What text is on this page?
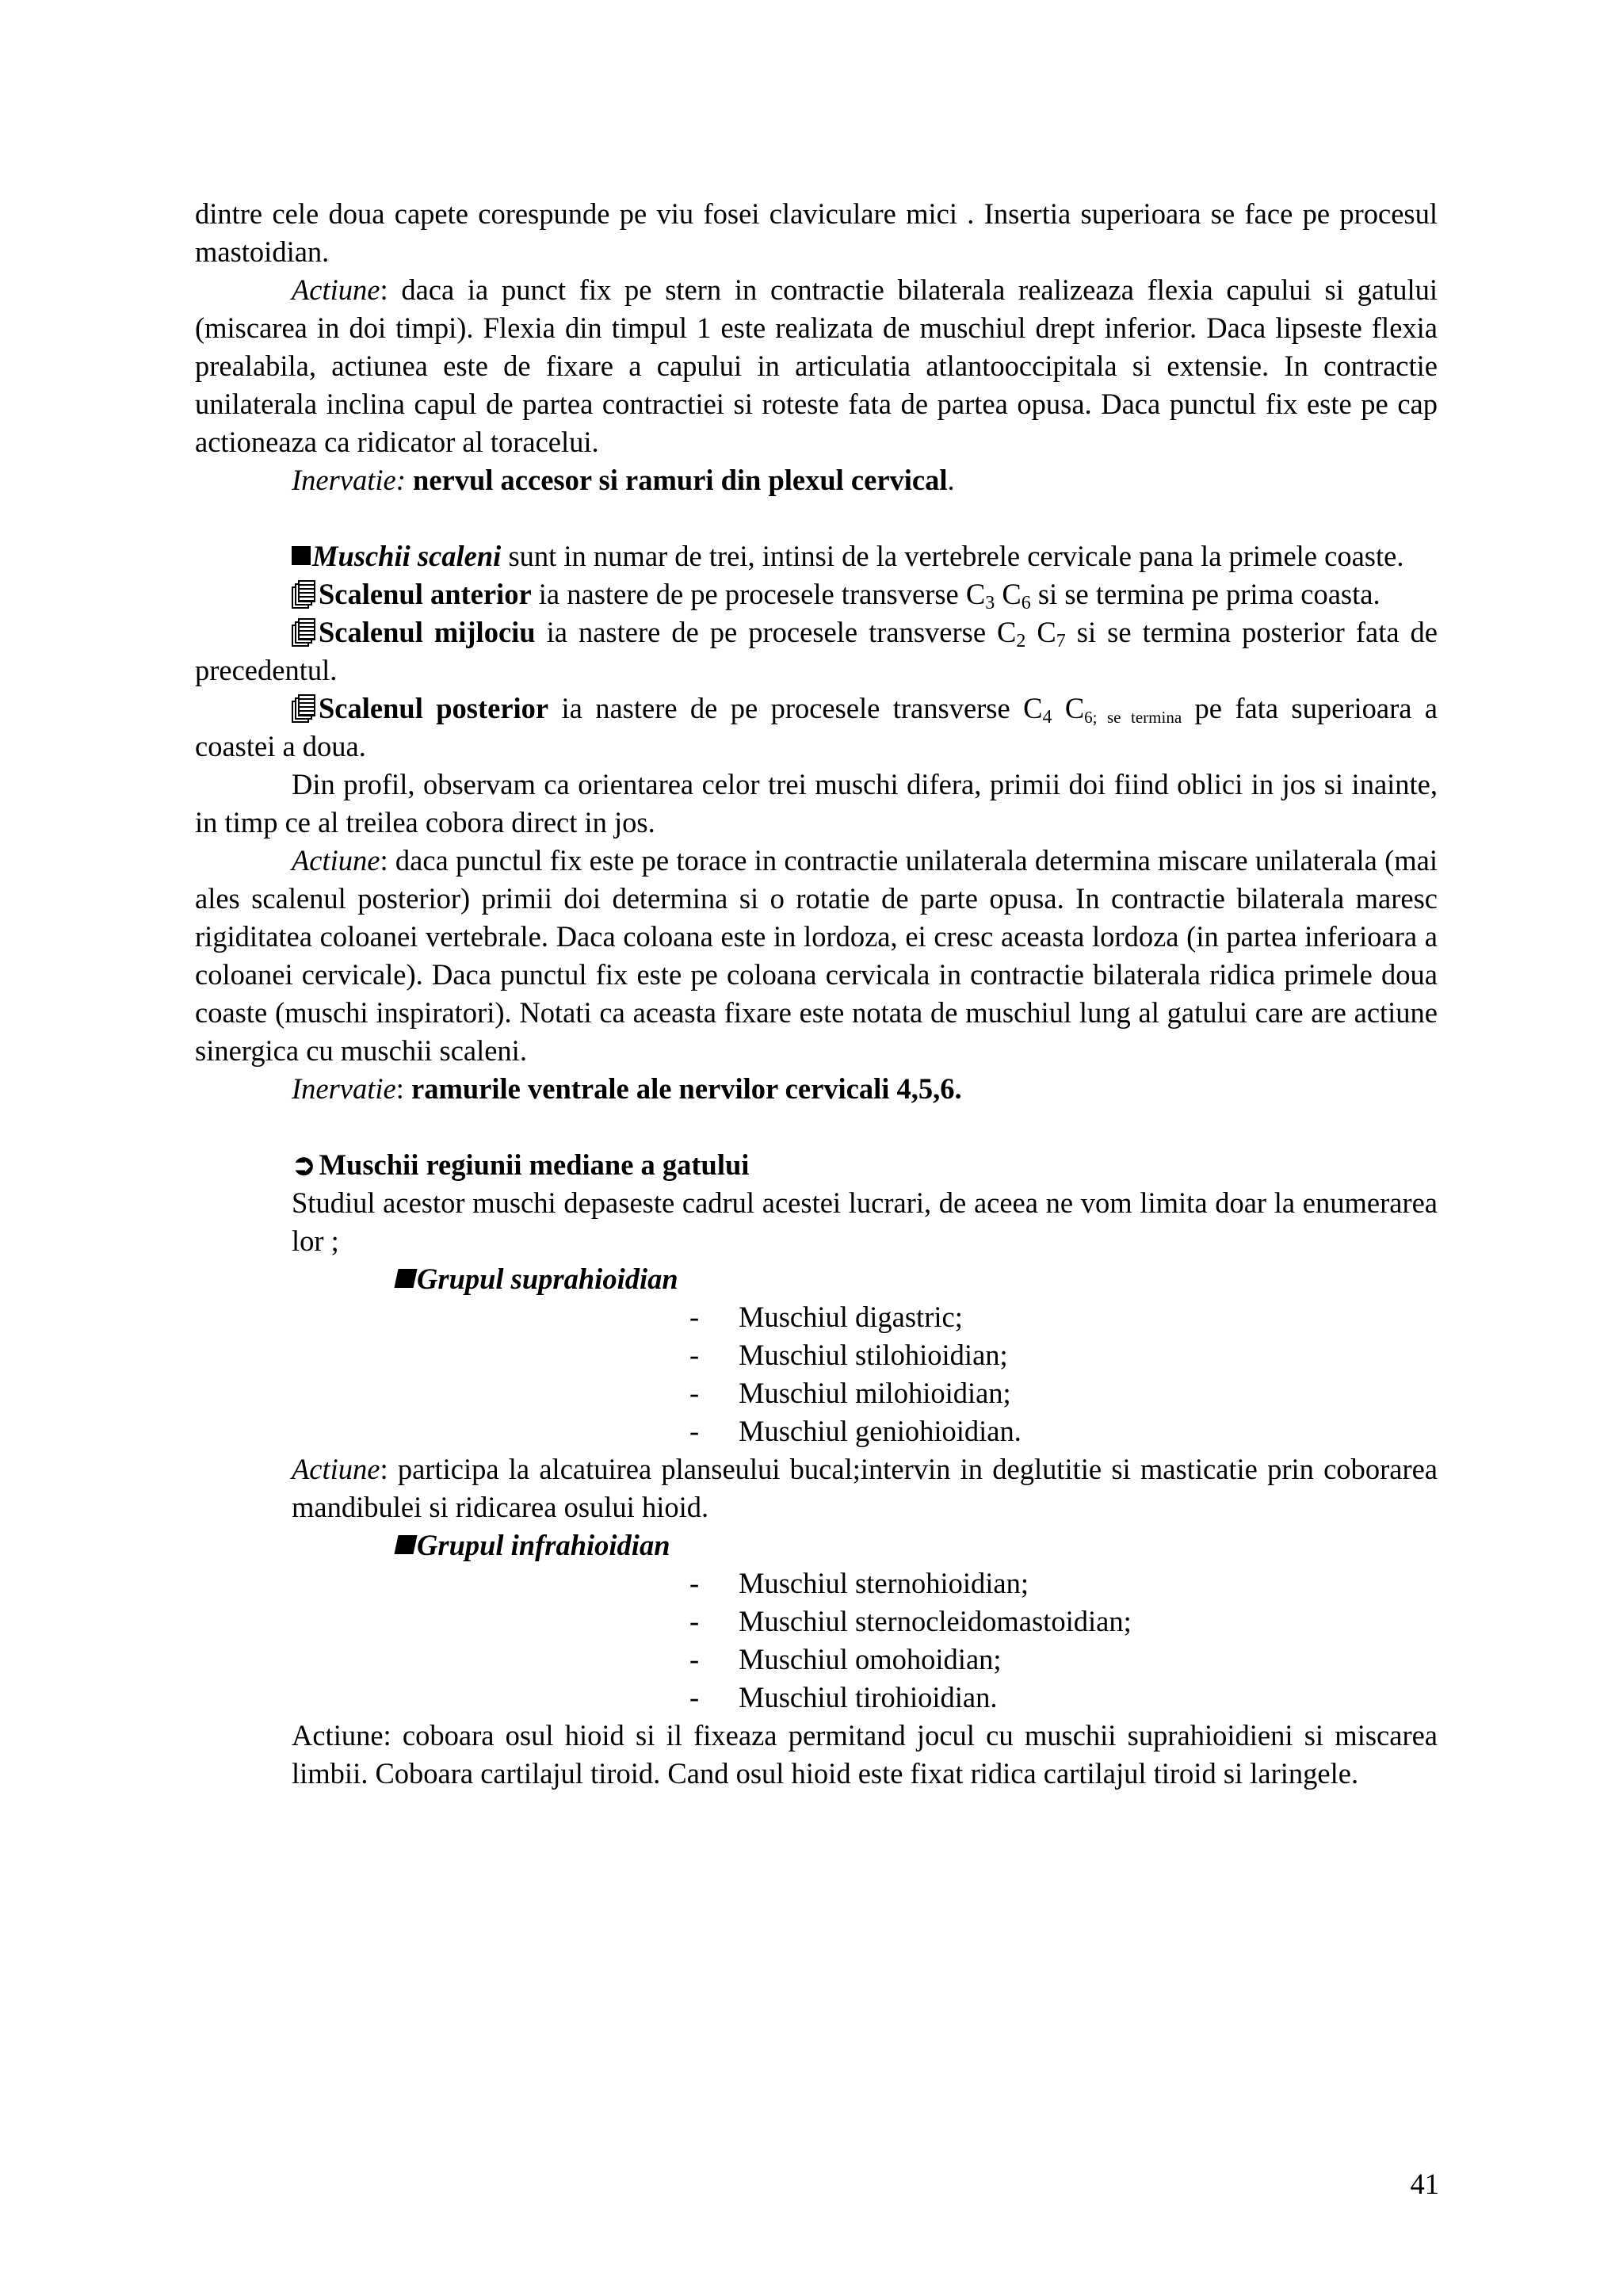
dintre cele doua capete corespunde pe viu fosei claviculare mici . Insertia superioara se face pe procesul mastoidian.

Actiune: daca ia punct fix pe stern in contractie bilaterala realizeaza flexia capului si gatului (miscarea in doi timpi). Flexia din timpul 1 este realizata de muschiul drept inferior. Daca lipseste flexia prealabila, actiunea este de fixare a capului in articulatia atlantooccipitala si extensie. In contractie unilaterala inclina capul de partea contractiei si roteste fata de partea opusa. Daca punctul fix este pe cap actioneaza ca ridicator al toracelui.

Inervatie: nervul accesor si ramuri din plexul cervical.

Muschii scaleni sunt in numar de trei, intinsi de la vertebrele cervicale pana la primele coaste.

Scalenul anterior ia nastere de pe procesele transverse $C_3$ $C_6$ si se termina pe prima coasta.

Scalenul mijlociu ia nastere de pe procesele transverse $C_2$ $C_7$ si se termina posterior fata de precedentul.

Scalenul posterior ia nastere de pe procesele transverse $C_4$ $C_{6; se termina}$ pe fata superioara a coastei a doua.

Din profil, observam ca orientarea celor trei muschi difera, primii doi fiind oblici in jos si inainte, in timp ce al treilea cobora direct in jos.

Actiune: daca punctul fix este pe torace in contractie unilaterala determina miscare unilaterala (mai ales scalenul posterior) primii doi determina si o rotatie de parte opusa. In contractie bilaterala maresc rigiditatea coloanei vertebrale. Daca coloana este in lordoza, ei cresc aceasta lordoza (in partea inferioara a coloanei cervicale). Daca punctul fix este pe coloana cervicala in contractie bilaterala ridica primele doua coaste (muschi inspiratori). Notati ca aceasta fixare este notata de muschiul lung al gatului care are actiune sinergica cu muschii scaleni.

Inervatie: ramurile ventrale ale nervilor cervicali 4,5,6.

➲ Muschii regiunii mediane a gatului

Studiul acestor muschi depaseste cadrul acestei lucrari, de aceea ne vom limita doar la enumerarea lor ;

Grupul suprahioidian

- Muschiul digastric;

- Muschiul stilohioidian;

- Muschiul milohioidian;

- Muschiul geniohioidian.

Actiune: participa la alcatuirea planseului bucal;intervin in deglutitie si masticatie prin coborarea mandibulei si ridicarea osului hioid.

Grupul infrahioidian

- Muschiul sternohioidian;

- Muschiul sternocleidomastoidian;

- Muschiul omohoidian;

- Muschiul tirohioidian.

Actiune: coboara osul hioid si il fixeaza permitand jocul cu muschii suprahioidieni si miscarea limbii. Coboara cartilajul tiroid. Cand osul hioid este fixat ridica cartilajul tiroid si laringele.

41
